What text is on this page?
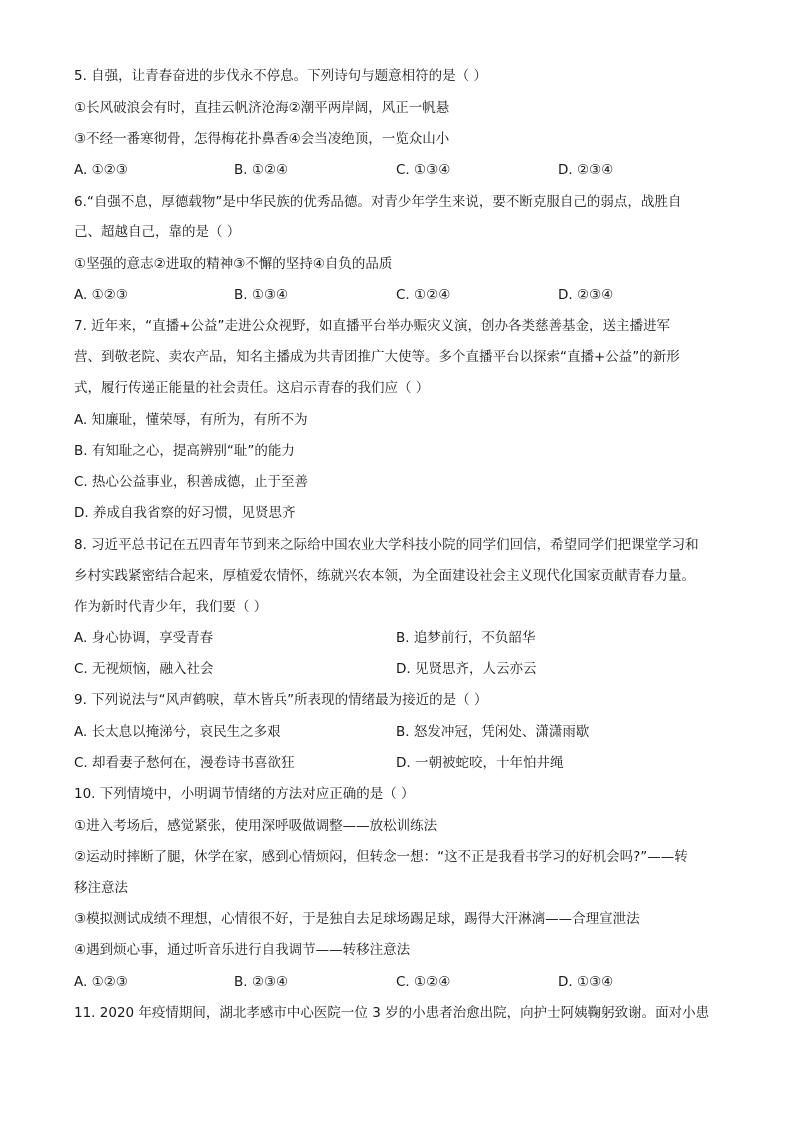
5. 自强，让青春奋进的步伐永不停息。下列诗句与题意相符的是（ ）
①长风破浪会有时，直挂云帆济沧海②潮平两岸阔，风正一帆悬
③不经一番寒彻骨，怎得梅花扑鼻香④会当凌绝顶，一览众山小
A. ①②③	B. ①②④	C. ①③④	D. ②③④
6.“自强不息，厚德载物”是中华民族的优秀品德。对青少年学生来说，要不断克服自己的弱点，战胜自
己、超越自己，靠的是（ ）
①坚强的意志②进取的精神③不懈的坚持④自负的品质
A. ①②③	B. ①③④	C. ①②④	D. ②③④
7. 近年来，“直播+公益”走进公众视野，如直播平台举办赈灾义演，创办各类慈善基金，送主播进军
营、到敬老院、卖农产品，知名主播成为共青团推广大使等。多个直播平台以探索“直播+公益”的新形
式，履行传递正能量的社会责任。这启示青春的我们应（ ）
A. 知廉耻，懂荣辱，有所为，有所不为
B. 有知耻之心，提高辨别“耻”的能力
C. 热心公益事业，积善成德，止于至善
D. 养成自我省察的好习惯，见贤思齐
8. 习近平总书记在五四青年节到来之际给中国农业大学科技小院的同学们回信，希望同学们把课堂学习和
乡村实践紧密结合起来，厚植爱农情怀，练就兴农本领，为全面建设社会主义现代化国家贡献青春力量。
作为新时代青少年，我们要（ ）
A. 身心协调，享受青春	B. 追梦前行，不负韶华
C. 无视烦恼，融入社会	D. 见贤思齐，人云亦云
9. 下列说法与“风声鹤唳，草木皆兵”所表现的情绪最为接近的是（ ）
A. 长太息以掩涕兮，哀民生之多艰	B. 怒发冲冠，凭闲处、潇潇雨歇
C. 却看妻子愁何在，漫卷诗书喜欲狂	D. 一朝被蛇咬，十年怕井绳
10. 下列情境中，小明调节情绪的方法对应正确的是（ ）
①进入考场后，感觉紧张，使用深呼吸做调整——放松训练法
②运动时摔断了腿，休学在家，感到心情烦闷，但转念一想：“这不正是我看书学习的好机会吗?”——转
移注意法
③模拟测试成绩不理想，心情很不好，于是独自去足球场踢足球，踢得大汗淋漓——合理宣泄法
④遇到烦心事，通过听音乐进行自我调节——转移注意法
A. ①②③	B. ②③④	C. ①②④	D. ①③④
11. 2020 年疫情期间，湖北孝感市中心医院一位 3 岁的小患者治愈出院，向护士阿姨鞠躬致谢。面对小患
